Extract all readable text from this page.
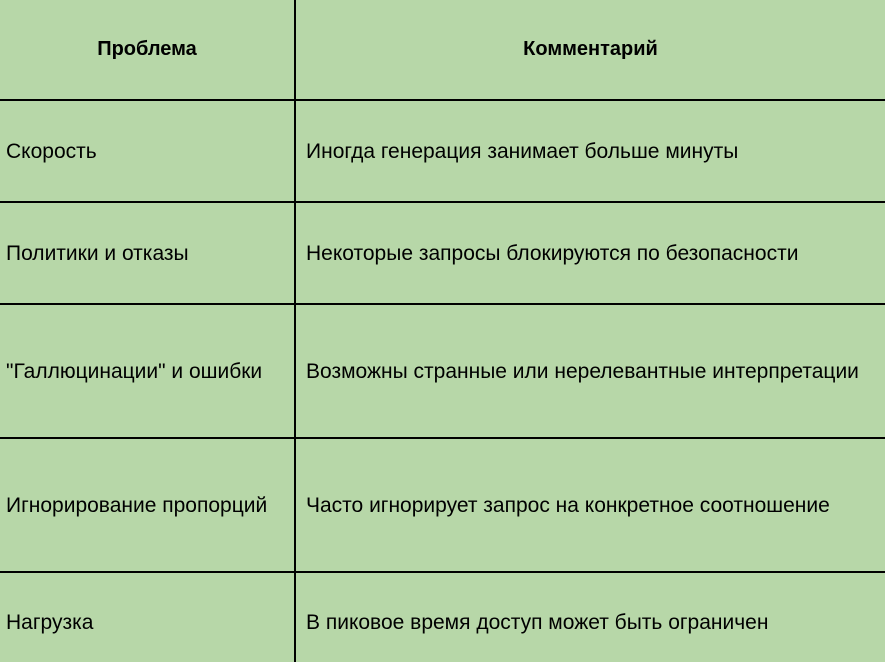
Проблема	Комментарий
Скорость	Иногда генерация занимает больше минуты
Политики и отказы	Некоторые запросы блокируются по безопасности
"Галлюцинации" и ошибки	Возможны странные или нерелевантные интерпретации
Игнорирование пропорций	Часто игнорирует запрос на конкретное соотношение
Нагрузка	В пиковое время доступ может быть ограничен
